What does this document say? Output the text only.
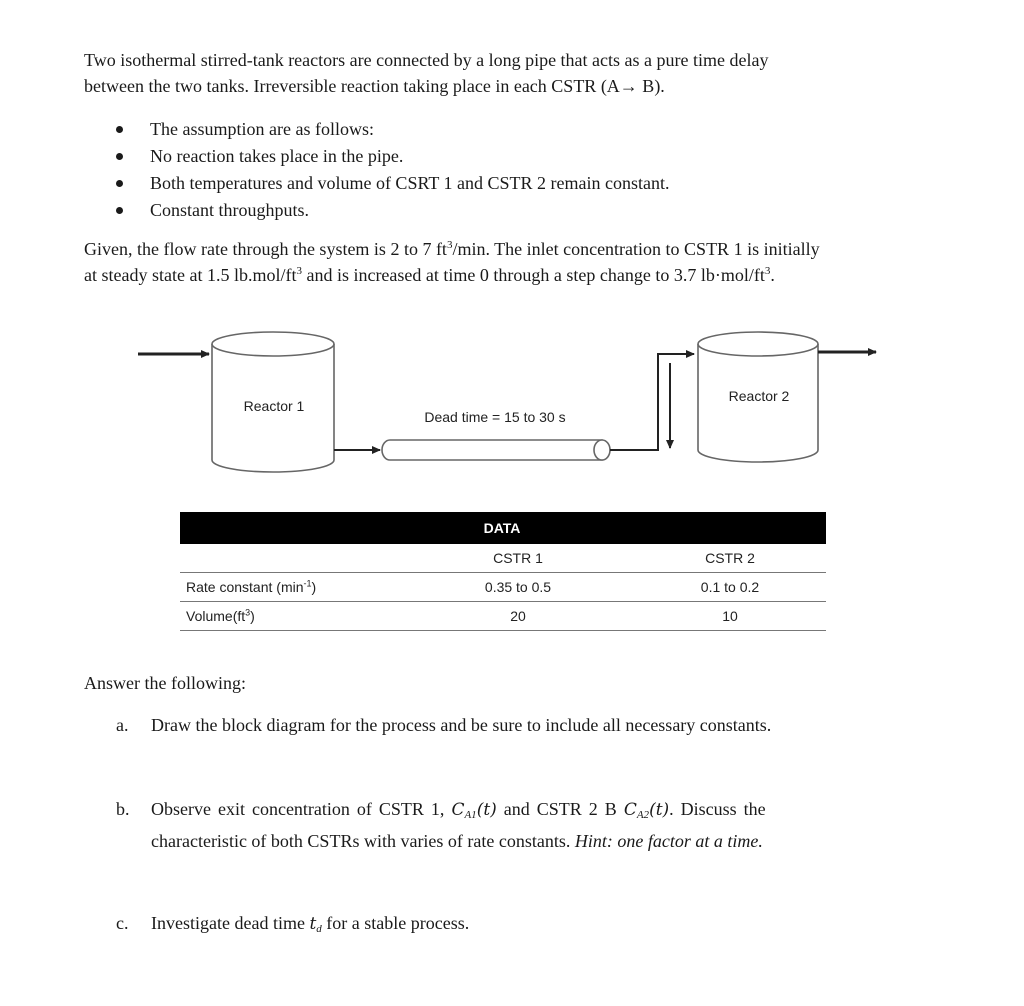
Two isothermal stirred-tank reactors are connected by a long pipe that acts as a pure time delay

between the two tanks. Irreversible reaction taking place in each CSTR (A→ B).

The assumption are as follows:
No reaction takes place in the pipe.
Both temperatures and volume of CSRT 1 and CSTR 2 remain constant.
Constant throughputs.

Given, the flow rate through the system is 2 to 7 $ft^3/\min$. The inlet concentration to CSTR 1 is initially

at steady state at 1.5 $lb.mol/ft^3$ and is increased at time 0 through a step change to 3.7 $lb\cdot mol/ft^3$.

Reactor 1
Dead time = 15 to 30 s
Reactor 2
DATA		
	CSTR 1	CSTR 2
Rate constant $(\min^{-1})$	0.35 to 0.5	0.1 to 0.2
$Volume(ft^3)$	20	10

Answer the following:

a. Draw the block diagram for the process and be sure to include all necessary constants.

b. Observe exit concentration of CSTR 1, CA1(t) and CSTR 2 B CA2(t). Discuss the

characteristic of both CSTRs with varies of rate constants. Hint: one factor at a time.

c. Investigate dead time td for a stable process.
